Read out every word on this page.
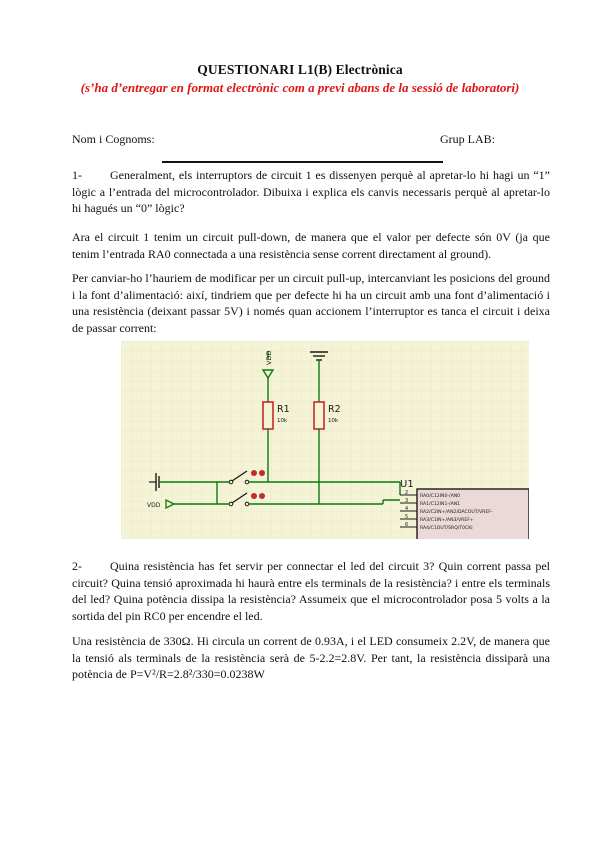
QUESTIONARI L1(B) Electrònica
(s’ha d’entregar en format electrònic com a previ abans de la sessió de laboratori)
Nom i Cognoms:	Grup LAB:

1- Generalment, els interruptors de circuit 1 es dissenyen perquè al apretar-lo hi hagi un “1” lògic a l’entrada del microcontrolador. Dibuixa i explica els canvis necessaris perquè al apretar-lo hi hagués un “0” lògic?

Ara el circuit 1 tenim un circuit pull-down, de manera que el valor per defecte són 0V (ja que tenim l’entrada RA0 connectada a una resistència sense corrent directament al ground).

Per canviar-ho l’hauriem de modificar per un circuit pull-up, intercanviant les posicions del ground i la font d’alimentació: així, tindriem que per defecte hi ha un circuit amb una font d’alimentació i una resistència (deixant passar 5V) i només quan accionem l’interruptor es tanca el circuit i deixa de passar corrent:

VDD
R1
10k
R2
10k
VDD
U1
2
RA0/C12IN0-/AN0
3
RA1/C12IN1-/AN1
4
RA2/C2IN+/AN2/DACOUT/VREF-
5
RA3/C1IN+/AN3/VREF+
6
RA4/C1OUT/SRQ/T0CKI

2- Quina resistència has fet servir per connectar el led del circuit 3? Quin corrent passa pel circuit? Quina tensió aproximada hi haurà entre els terminals de la resistència? i entre els terminals del led? Quina potència dissipa la resistència? Assumeix que el microcontrolador posa 5 volts a la sortida del pin RC0 per encendre el led.

Una resistència de 330Ω. Hi circula un corrent de 0.93A, i el LED consumeix 2.2V, de manera que la tensió als terminals de la resistència serà de 5-2.2=2.8V. Per tant, la resistència dissiparà una potència de P=V²/R=2.8²/330=0.0238W
